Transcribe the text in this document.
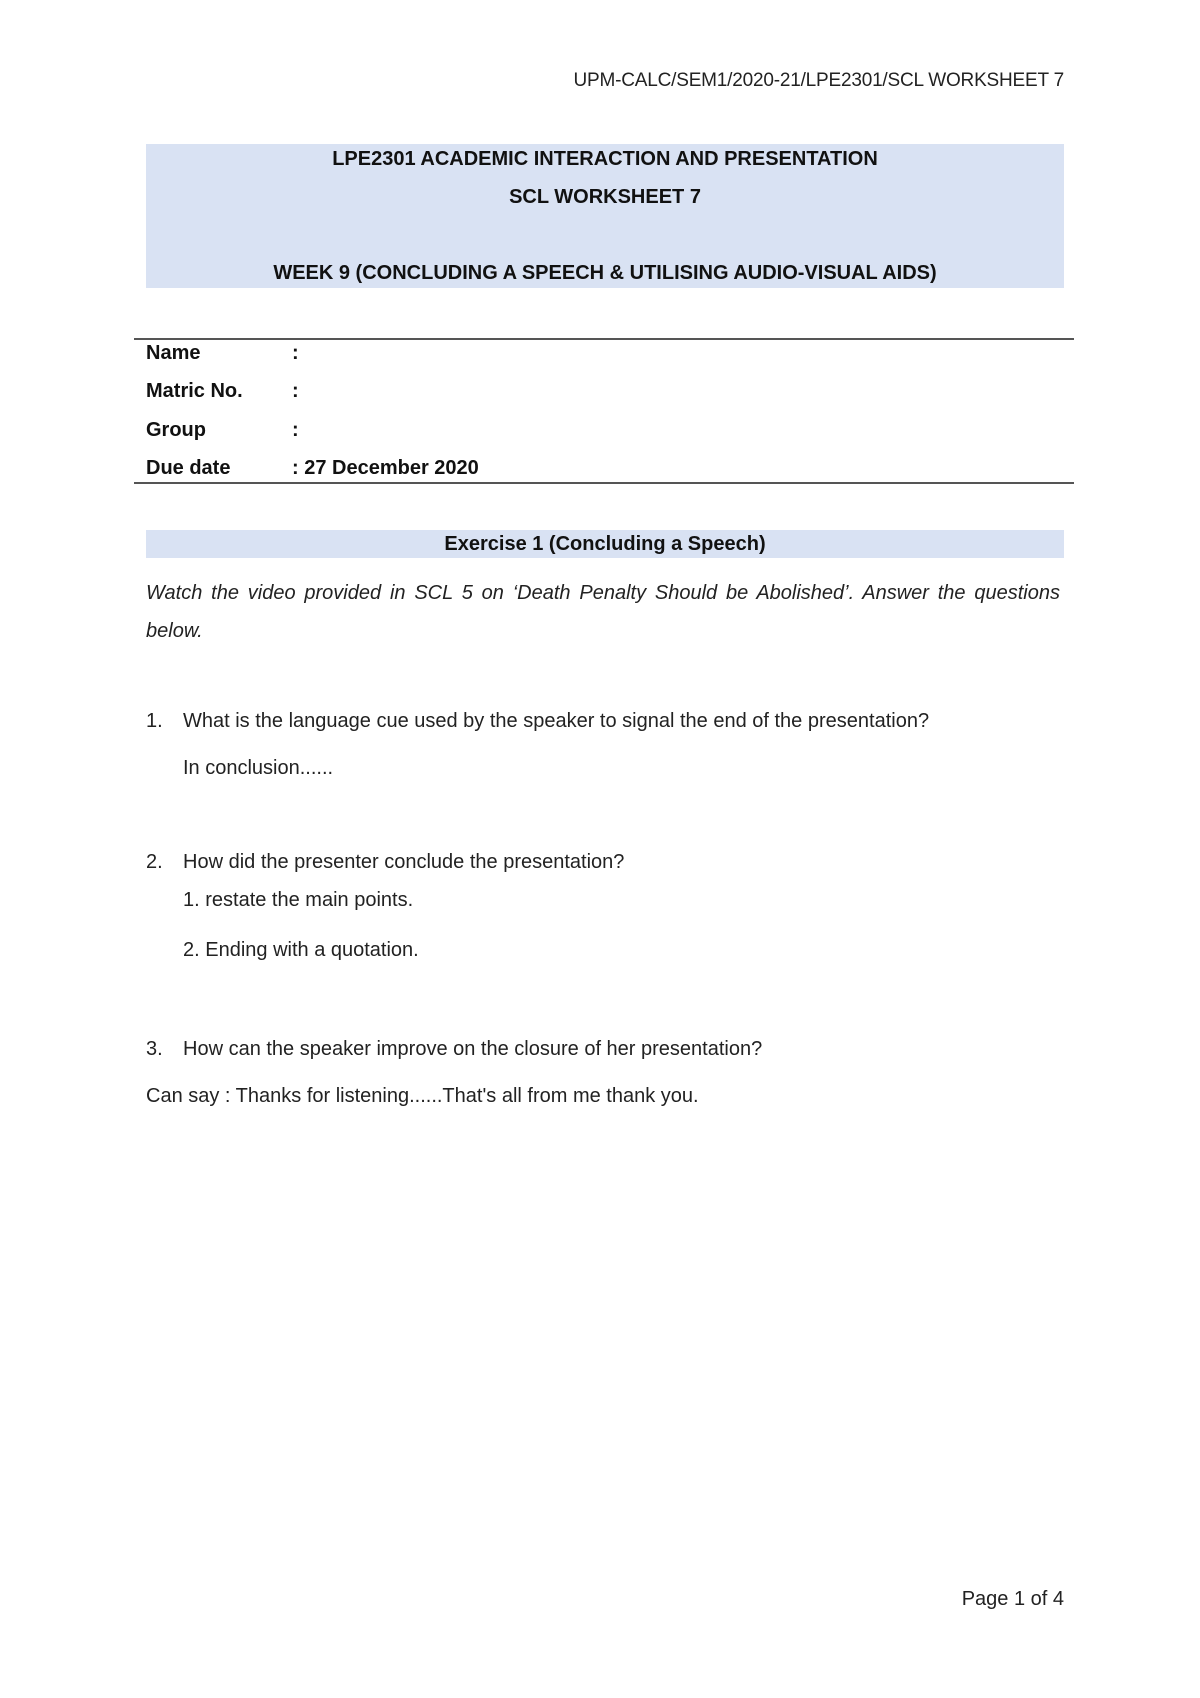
UPM-CALC/SEM1/2020-21/LPE2301/SCL WORKSHEET 7
LPE2301 ACADEMIC INTERACTION AND PRESENTATION
SCL WORKSHEET 7
WEEK 9 (CONCLUDING A SPEECH & UTILISING AUDIO-VISUAL AIDS)
Name	:
Matric No. :
Group	:
Due date	: 27 December 2020
Exercise 1 (Concluding a Speech)
Watch the video provided in SCL 5 on ‘Death Penalty Should be Abolished’. Answer the questions below.
1. What is the language cue used by the speaker to signal the end of the presentation?
In conclusion......
2. How did the presenter conclude the presentation?
1. restate the main points.
2. Ending with a quotation.
3. How can the speaker improve on the closure of her presentation?
Can say : Thanks for listening......That's all from me thank you.
Page 1 of 4
